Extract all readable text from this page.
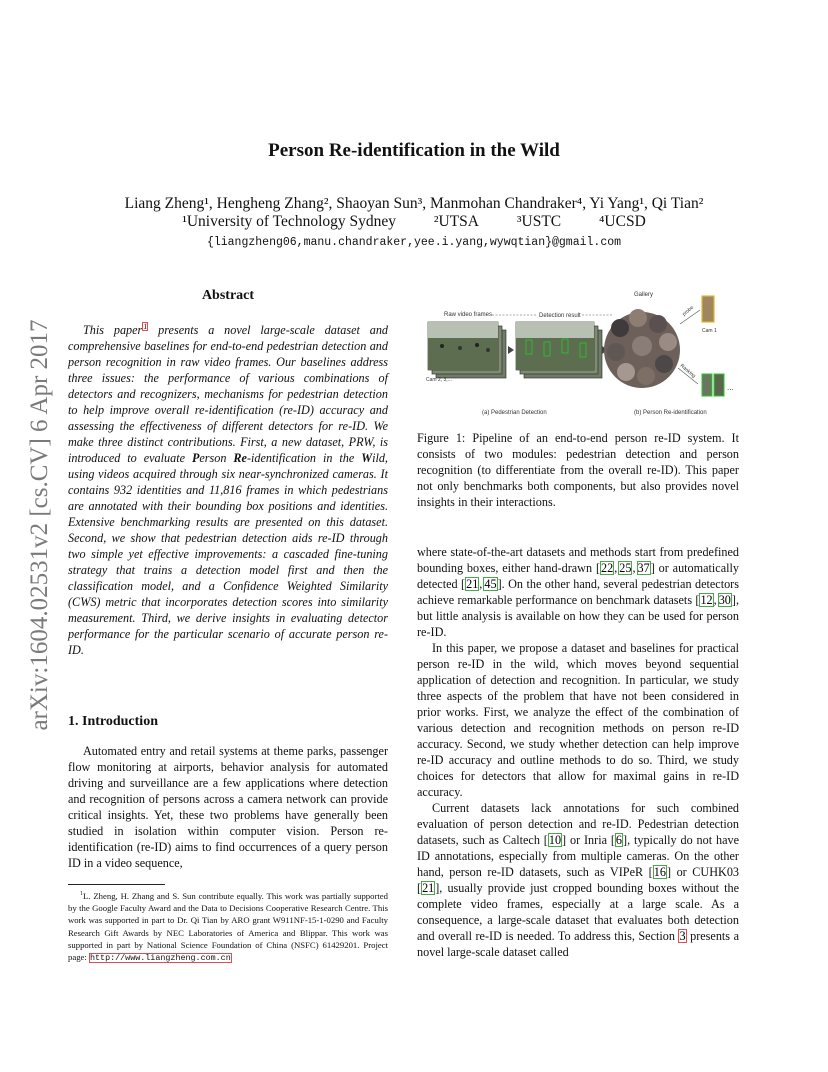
arXiv:1604.02531v2 [cs.CV] 6 Apr 2017
Person Re-identification in the Wild
Liang Zheng¹, Hengheng Zhang², Shaoyan Sun³, Manmohan Chandraker⁴, Yi Yang¹, Qi Tian²
¹University of Technology Sydney ²UTSA ³USTC ⁴UCSD
{liangzheng06,manu.chandraker,yee.i.yang,wywqtian}@gmail.com
Abstract

This paper$^1$ presents a novel large-scale dataset and comprehensive baselines for end-to-end pedestrian detection and person recognition in raw video frames. Our baselines address three issues: the performance of various combinations of detectors and recognizers, mechanisms for pedestrian detection to help improve overall re-identification (re-ID) accuracy and assessing the effectiveness of different detectors for re-ID. We make three distinct contributions. First, a new dataset, PRW, is introduced to evaluate Person Re-identification in the Wild, using videos acquired through six near-synchronized cameras. It contains 932 identities and 11,816 frames in which pedestrians are annotated with their bounding box positions and identities. Extensive benchmarking results are presented on this dataset. Second, we show that pedestrian detection aids re-ID through two simple yet effective improvements: a cascaded fine-tuning strategy that trains a detection model first and then the classification model, and a Confidence Weighted Similarity (CWS) metric that incorporates detection scores into similarity measurement. Third, we derive insights in evaluating detector performance for the particular scenario of accurate person re-ID.

1. Introduction

Automated entry and retail systems at theme parks, passenger flow monitoring at airports, behavior analysis for automated driving and surveillance are a few applications where detection and recognition of persons across a camera network can provide critical insights. Yet, these two problems have generally been studied in isolation within computer vision. Person re-identification (re-ID) aims to find occurrences of a query person ID in a video sequence,

$^1$L. Zheng, H. Zhang and S. Sun contribute equally. This work was partially supported by the Google Faculty Award and the Data to Decisions Cooperative Research Centre. This work was supported in part to Dr. Qi Tian by ARO grant W911NF-15-1-0290 and Faculty Research Gift Awards by NEC Laboratories of America and Blippar. This work was supported in part by National Science Foundation of China (NSFC) 61429201. Project page: http://www.liangzheng.com.cn
Raw video frames	Detection result
Cam 2, 3,...
Gallery
probe
Cam 1
Ranking
...
(a) Pedestrian Detection	(b) Person Re-identification

Figure 1: Pipeline of an end-to-end person re-ID system. It consists of two modules: pedestrian detection and person recognition (to differentiate from the overall re-ID). This paper not only benchmarks both components, but also provides novel insights in their interactions.

where state-of-the-art datasets and methods start from predefined bounding boxes, either hand-drawn [22, 25, 37] or automatically detected [21, 45]. On the other hand, several pedestrian detectors achieve remarkable performance on benchmark datasets [12, 30], but little analysis is available on how they can be used for person re-ID.

In this paper, we propose a dataset and baselines for practical person re-ID in the wild, which moves beyond sequential application of detection and recognition. In particular, we study three aspects of the problem that have not been considered in prior works. First, we analyze the effect of the combination of various detection and recognition methods on person re-ID accuracy. Second, we study whether detection can help improve re-ID accuracy and outline methods to do so. Third, we study choices for detectors that allow for maximal gains in re-ID accuracy.

Current datasets lack annotations for such combined evaluation of person detection and re-ID. Pedestrian detection datasets, such as Caltech [10] or Inria [6], typically do not have ID annotations, especially from multiple cameras. On the other hand, person re-ID datasets, such as VIPeR [16] or CUHK03 [21], usually provide just cropped bounding boxes without the complete video frames, especially at a large scale. As a consequence, a large-scale dataset that evaluates both detection and overall re-ID is needed. To address this, Section 3 presents a novel large-scale dataset called
